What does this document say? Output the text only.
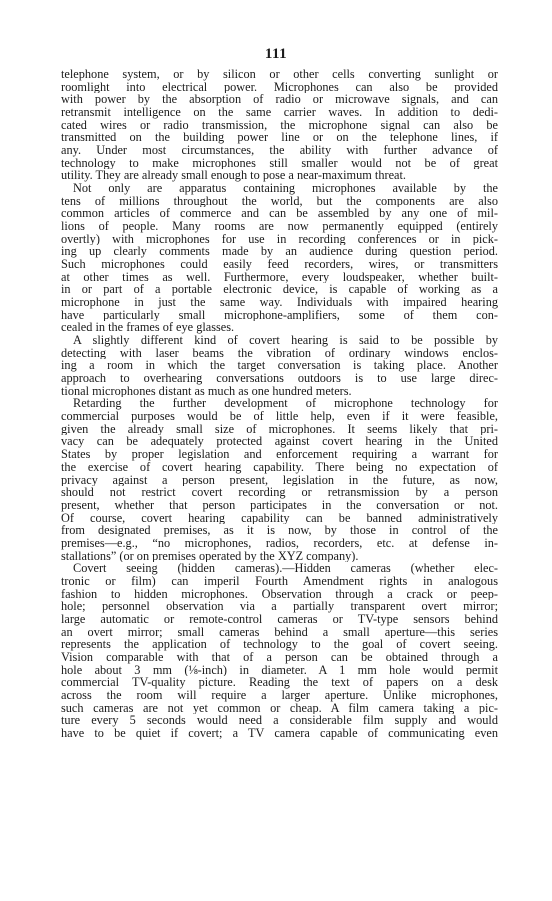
111
telephone system, or by silicon or other cells converting sunlight or
roomlight into electrical power. Microphones can also be provided
with power by the absorption of radio or microwave signals, and can
retransmit intelligence on the same carrier waves. In addition to dedi-
cated wires or radio transmission, the microphone signal can also be
transmitted on the building power line or on the telephone lines, if
any. Under most circumstances, the ability with further advance of
technology to make microphones still smaller would not be of great
utility. They are already small enough to pose a near-maximum threat.
Not only are apparatus containing microphones available by the
tens of millions throughout the world, but the components are also
common articles of commerce and can be assembled by any one of mil-
lions of people. Many rooms are now permanently equipped (entirely
overtly) with microphones for use in recording conferences or in pick-
ing up clearly comments made by an audience during question period.
Such microphones could easily feed recorders, wires, or transmitters
at other times as well. Furthermore, every loudspeaker, whether built-
in or part of a portable electronic device, is capable of working as a
microphone in just the same way. Individuals with impaired hearing
have particularly small microphone-amplifiers, some of them con-
cealed in the frames of eye glasses.
A slightly different kind of covert hearing is said to be possible by
detecting with laser beams the vibration of ordinary windows enclos-
ing a room in which the target conversation is taking place. Another
approach to overhearing conversations outdoors is to use large direc-
tional microphones distant as much as one hundred meters.
Retarding the further development of microphone technology for
commercial purposes would be of little help, even if it were feasible,
given the already small size of microphones. It seems likely that pri-
vacy can be adequately protected against covert hearing in the United
States by proper legislation and enforcement requiring a warrant for
the exercise of covert hearing capability. There being no expectation of
privacy against a person present, legislation in the future, as now,
should not restrict covert recording or retransmission by a person
present, whether that person participates in the conversation or not.
Of course, covert hearing capability can be banned administratively
from designated premises, as it is now, by those in control of the
premises—e.g., “no microphones, radios, recorders, etc. at defense in-
stallations” (or on premises operated by the XYZ company).
Covert seeing (hidden cameras).—Hidden cameras (whether elec-
tronic or film) can imperil Fourth Amendment rights in analogous
fashion to hidden microphones. Observation through a crack or peep-
hole; personnel observation via a partially transparent overt mirror;
large automatic or remote-control cameras or TV-type sensors behind
an overt mirror; small cameras behind a small aperture—this series
represents the application of technology to the goal of covert seeing.
Vision comparable with that of a person can be obtained through a
hole about 3 mm (⅛-inch) in diameter. A 1 mm hole would permit
commercial TV-quality picture. Reading the text of papers on a desk
across the room will require a larger aperture. Unlike microphones,
such cameras are not yet common or cheap. A film camera taking a pic-
ture every 5 seconds would need a considerable film supply and would
have to be quiet if covert; a TV camera capable of communicating even
